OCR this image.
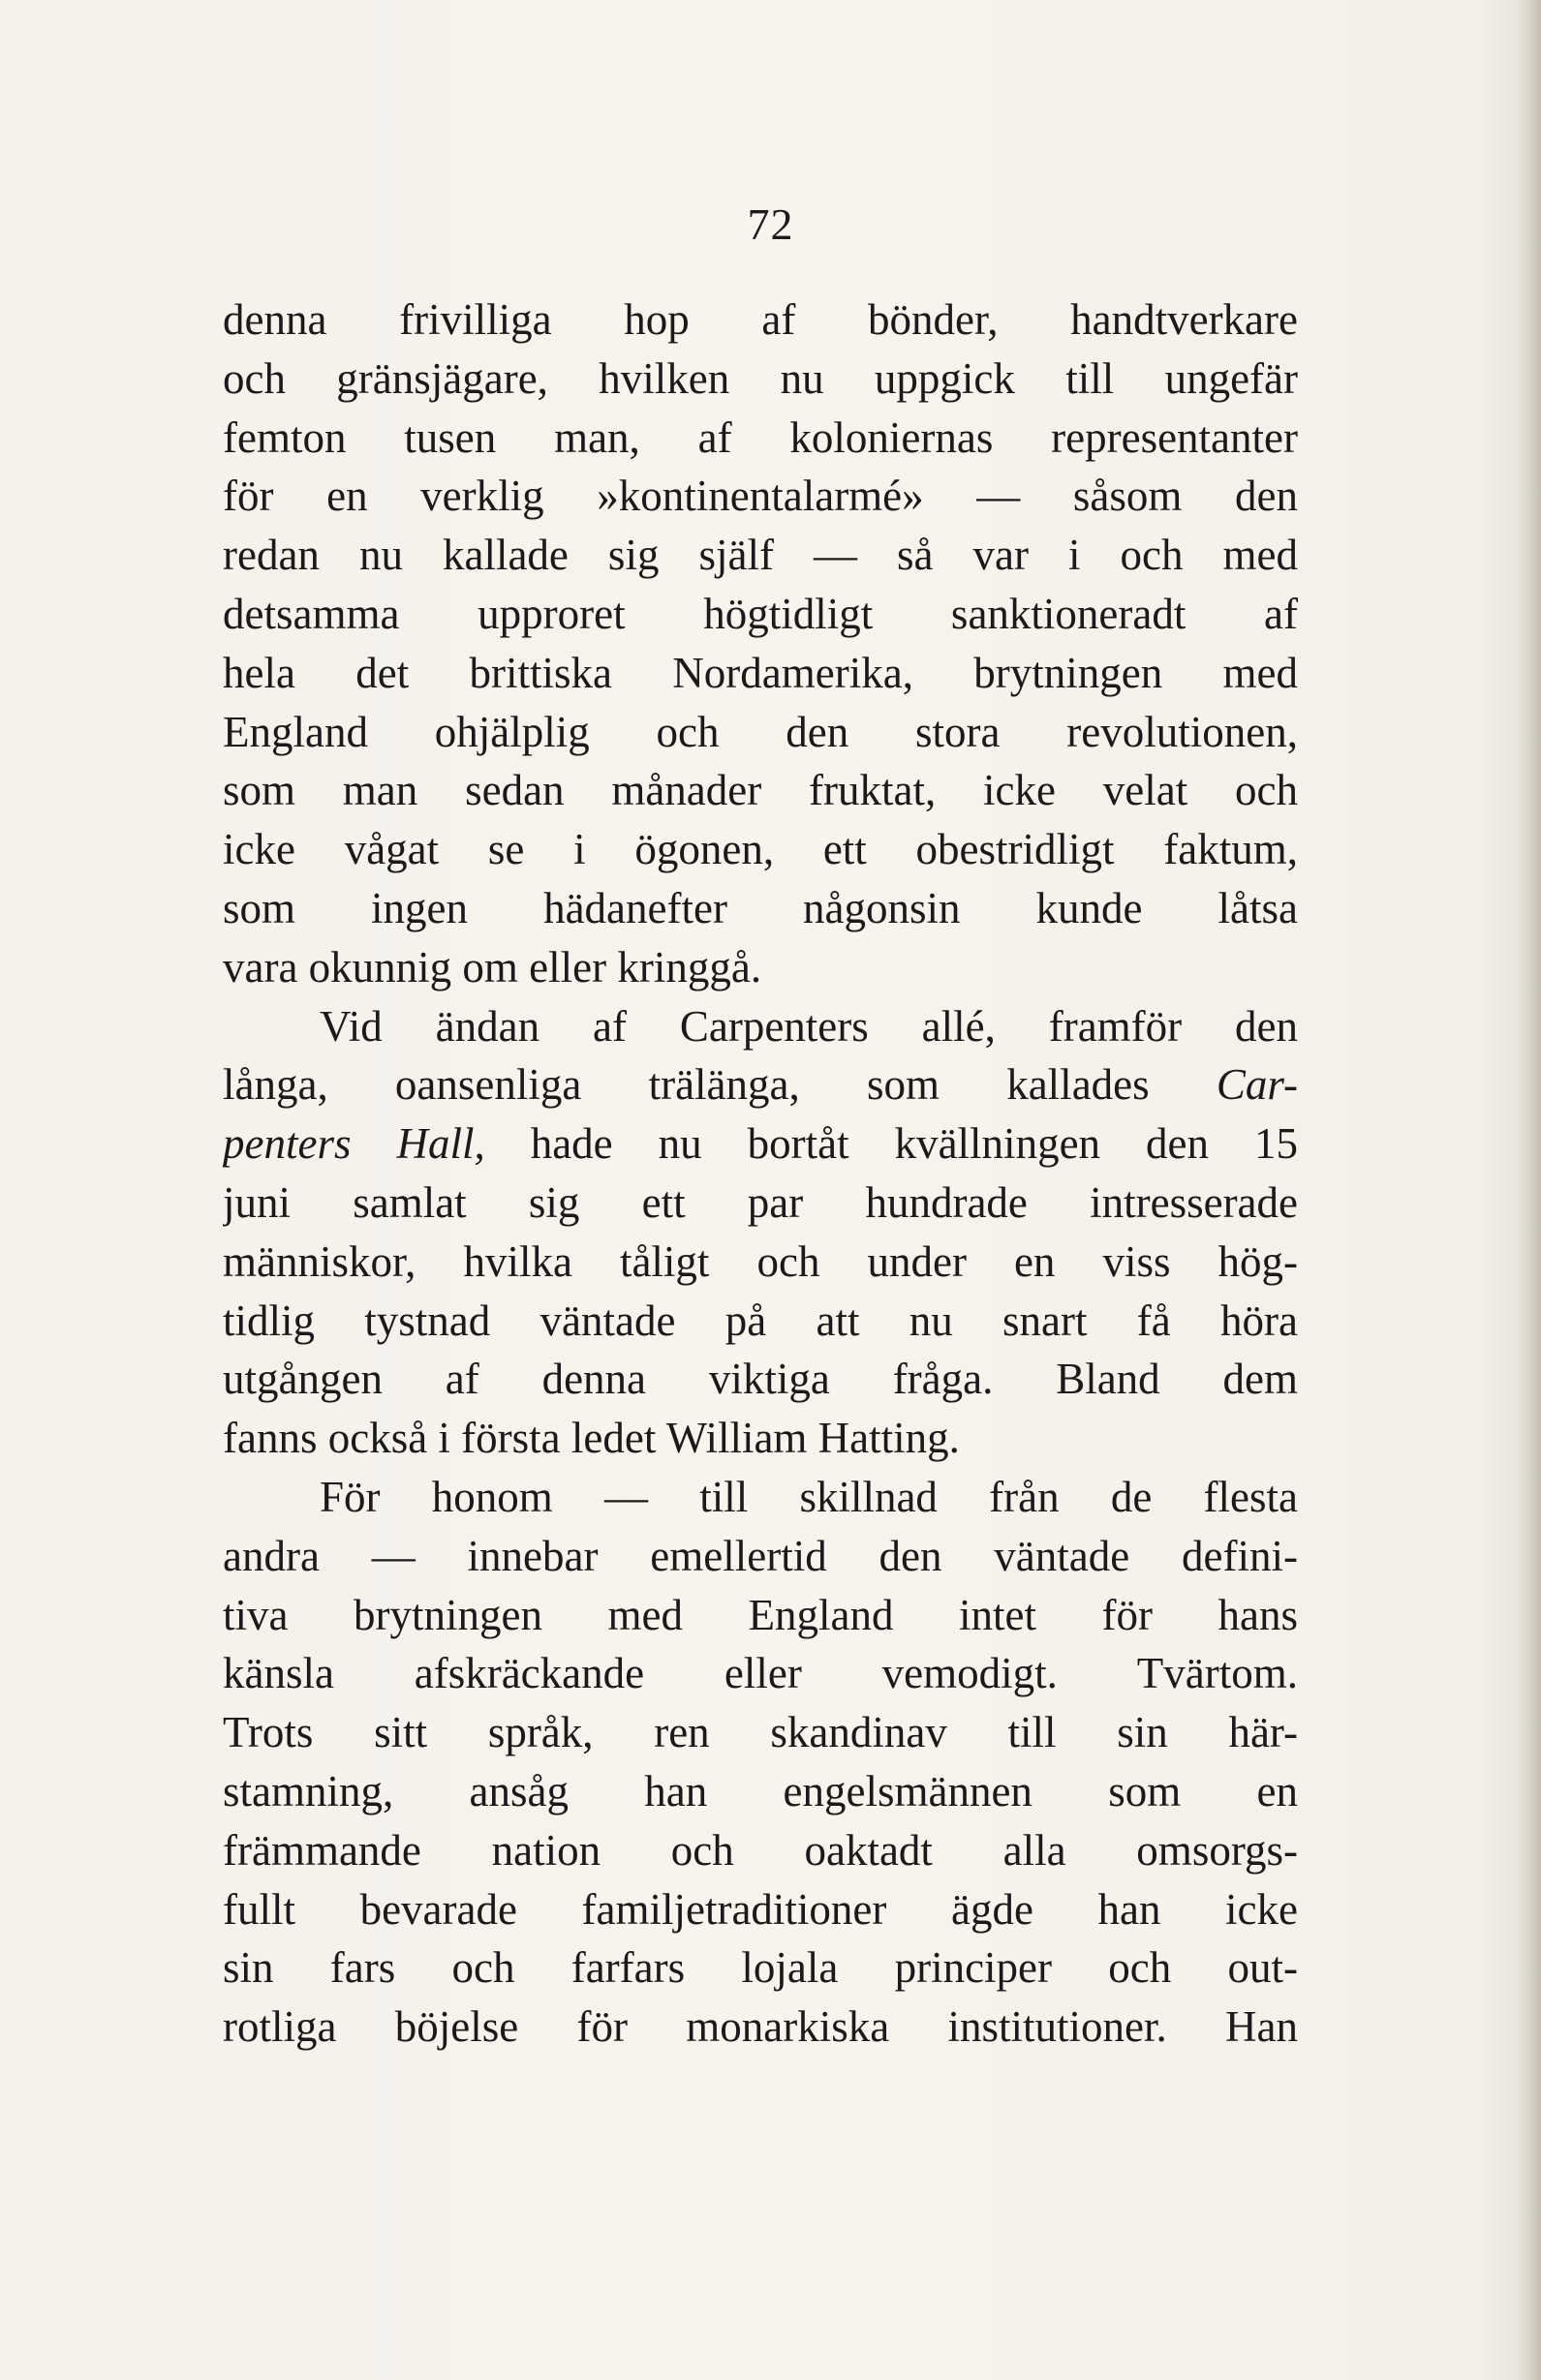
72
denna frivilliga hop af bönder, handtverkare
och gränsjägare, hvilken nu uppgick till ungefär
femton tusen man, af koloniernas representanter
för en verklig »kontinentalarmé» — såsom den
redan nu kallade sig själf — så var i och med
detsamma upproret högtidligt sanktioneradt af
hela det brittiska Nordamerika, brytningen med
England ohjälplig och den stora revolutionen,
som man sedan månader fruktat, icke velat och
icke vågat se i ögonen, ett obestridligt faktum,
som ingen hädanefter någonsin kunde låtsa
vara okunnig om eller kringgå.
Vid ändan af Carpenters allé, framför den
långa, oansenliga trälänga, som kallades Car-
penters Hall, hade nu bortåt kvällningen den 15
juni samlat sig ett par hundrade intresserade
människor, hvilka tåligt och under en viss hög-
tidlig tystnad väntade på att nu snart få höra
utgången af denna viktiga fråga. Bland dem
fanns också i första ledet William Hatting.
För honom — till skillnad från de flesta
andra — innebar emellertid den väntade defini-
tiva brytningen med England intet för hans
känsla afskräckande eller vemodigt. Tvärtom.
Trots sitt språk, ren skandinav till sin här-
stamning, ansåg han engelsmännen som en
främmande nation och oaktadt alla omsorgs-
fullt bevarade familjetraditioner ägde han icke
sin fars och farfars lojala principer och out-
rotliga böjelse för monarkiska institutioner. Han
